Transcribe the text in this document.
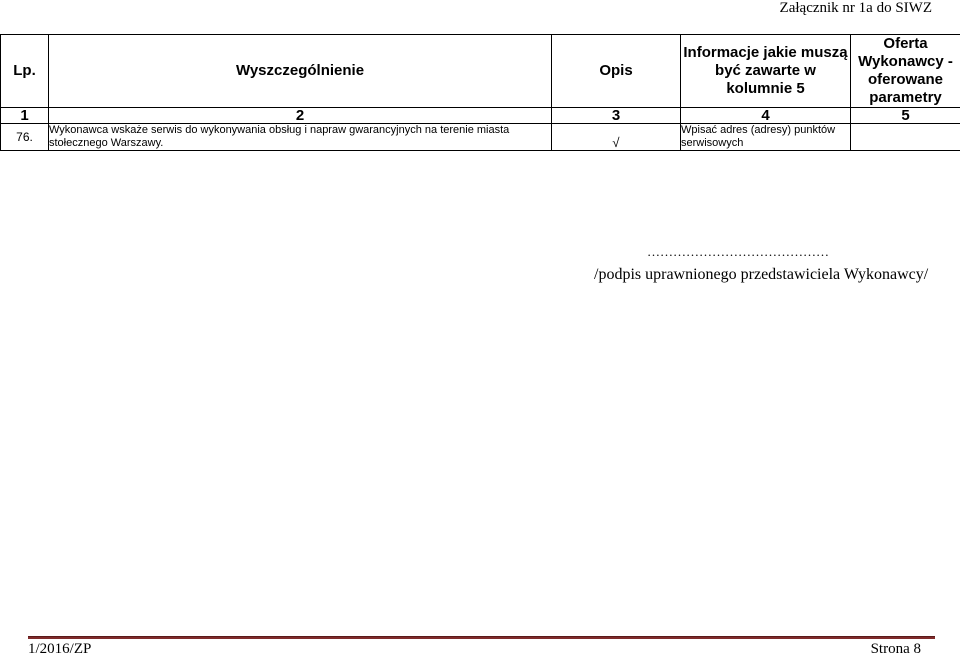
Załącznik nr 1a do SIWZ
Lp.	Wyszczególnienie	Opis	Informacje jakie muszą być zawarte w kolumnie 5	Oferta Wykonawcy - oferowane parametry
1	2	3	4	5
76.	Wykonawca wskaże serwis do wykonywania obsług i napraw gwarancyjnych na terenie miasta stołecznego Warszawy.	√	Wpisać adres (adresy) punktów serwisowych	
……………………………………
/podpis uprawnionego przedstawiciela Wykonawcy/
1/2016/ZP	Strona 8
